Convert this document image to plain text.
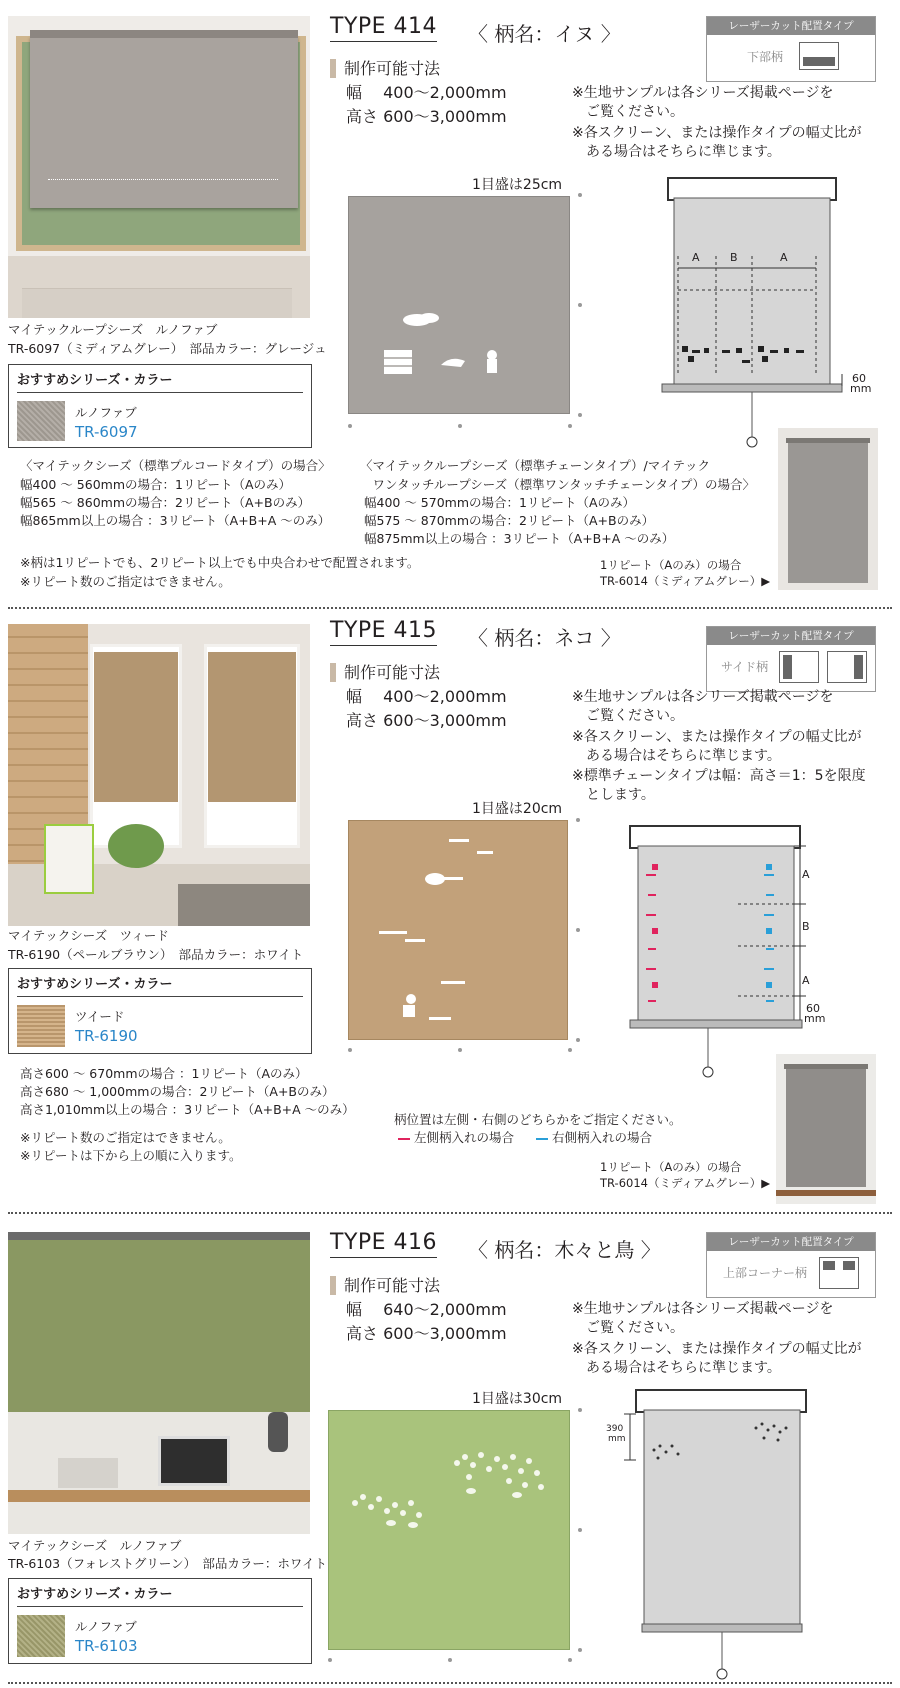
マイテックループシーズ　ルノファブ
TR-6097（ミディアムグレー）　部品カラー：グレージュ
おすすめシリーズ・カラー
ルノファブ
TR-6097
TYPE 414 〈 柄名：イヌ 〉	レーザーカット配置タイプ
下部柄
制作可能寸法
幅　 400〜2,000mm
高さ 600〜3,000mm
※生地サンプルは各シリーズ掲載ページを
　ご覧ください。
※各スクリーン、または操作タイプの幅丈比が
　ある場合はそちらに準じます。
1目盛は25cm
A	B	A
60
mm
〈マイテックシーズ（標準プルコードタイプ）の場合〉
幅400 ～ 560mmの場合：1リピート（Aのみ）
幅565 ～ 860mmの場合：2リピート（A+Bのみ）
幅865mm以上の場合 ：3リピート（A+B+A ～のみ）
〈マイテックループシーズ（標準チェーンタイプ）/マイテック
　ワンタッチループシーズ（標準ワンタッチチェーンタイプ）の場合〉
幅400 ～ 570mmの場合：1リピート（Aのみ）
幅575 ～ 870mmの場合：2リピート（A+Bのみ）
幅875mm以上の場合 ：3リピート（A+B+A ～のみ）
※柄は1リピートでも、2リピート以上でも中央合わせで配置されます。
※リピート数のご指定はできません。
1リピート（Aのみ）の場合
TR-6014（ミディアムグレー）▶
マイテックシーズ　ツィード
TR-6190（ペールブラウン）　部品カラー：ホワイト
おすすめシリーズ・カラー
ツイード
TR-6190
TYPE 415 〈 柄名：ネコ 〉	レーザーカット配置タイプ
サイド柄
制作可能寸法
幅　 400〜2,000mm
高さ 600〜3,000mm
※生地サンプルは各シリーズ掲載ページを
　ご覧ください。
※各スクリーン、または操作タイプの幅丈比が
　ある場合はそちらに準じます。
※標準チェーンタイプは幅：高さ＝1：5を限度
　とします。
1目盛は20cm
A
B
A
60
mm
高さ600 ～ 670mmの場合 ：1リピート（Aのみ）
高さ680 ～ 1,000mmの場合：2リピート（A+Bのみ）
高さ1,010mm以上の場合 ：3リピート（A+B+A ～のみ）
※リピート数のご指定はできません。
※リピートは下から上の順に入ります。
柄位置は左側・右側のどちらかをご指定ください。
左側柄入れの場合	右側柄入れの場合
1リピート（Aのみ）の場合
TR-6014（ミディアムグレー）▶
マイテックシーズ　ルノファブ
TR-6103（フォレストグリーン）　部品カラー：ホワイト
おすすめシリーズ・カラー
ルノファブ
TR-6103
TYPE 416 〈 柄名：木々と鳥 〉	レーザーカット配置タイプ
上部コーナー柄
制作可能寸法
幅　 640〜2,000mm
高さ 600〜3,000mm
※生地サンプルは各シリーズ掲載ページを
　ご覧ください。
※各スクリーン、または操作タイプの幅丈比が
　ある場合はそちらに準じます。
1目盛は30cm
390
mm
